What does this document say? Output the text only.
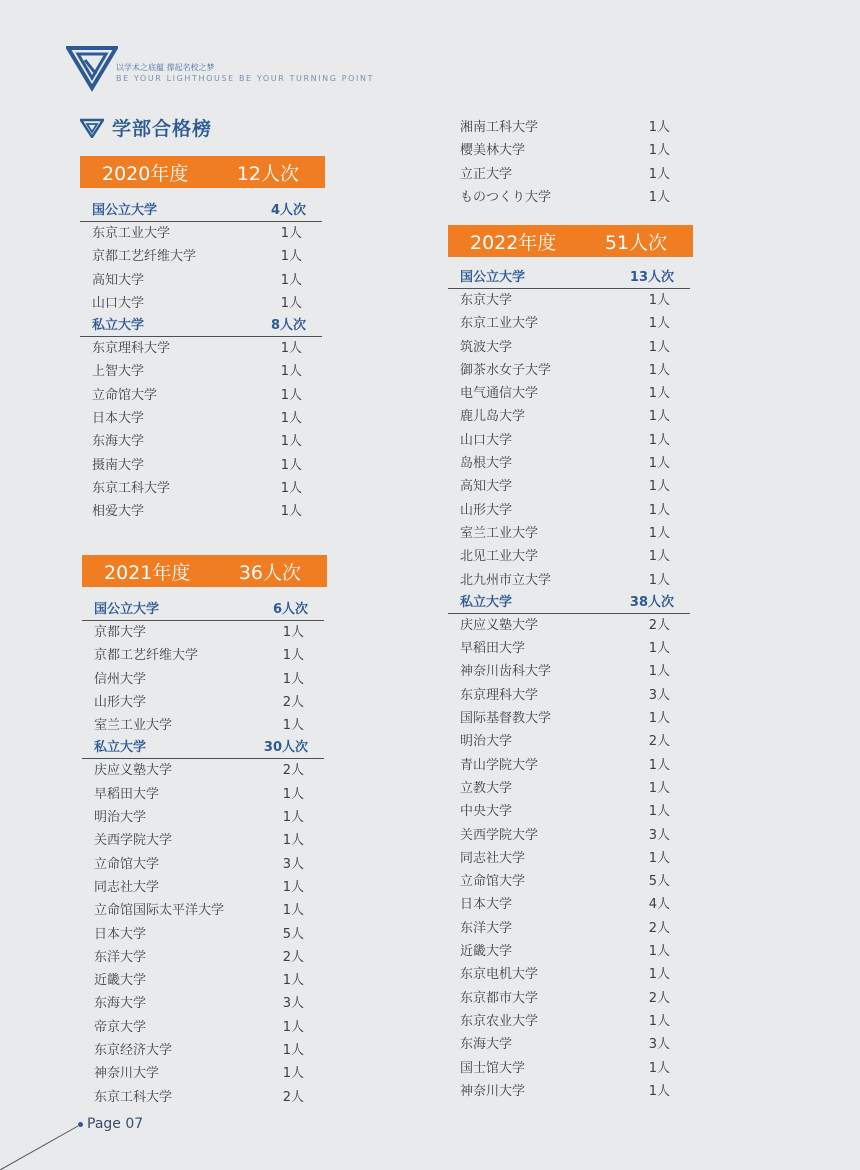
以学术之底蕴 撑起名校之梦
BE YOUR LIGHTHOUSE BE YOUR TURNING POINT
学部合格榜
2020年度	12人次
国公立大学	4人次
东京工业大学	1人
京都工艺纤维大学	1人
高知大学	1人
山口大学	1人
私立大学	8人次
东京理科大学	1人
上智大学	1人
立命馆大学	1人
日本大学	1人
东海大学	1人
摄南大学	1人
东京工科大学	1人
相爱大学	1人
2021年度	36人次
国公立大学	6人次
京都大学	1人
京都工艺纤维大学	1人
信州大学	1人
山形大学	2人
室兰工业大学	1人
私立大学	30人次
庆应义塾大学	2人
早稻田大学	1人
明治大学	1人
关西学院大学	1人
立命馆大学	3人
同志社大学	1人
立命馆国际太平洋大学	1人
日本大学	5人
东洋大学	2人
近畿大学	1人
东海大学	3人
帝京大学	1人
东京经济大学	1人
神奈川大学	1人
东京工科大学	2人
湘南工科大学	1人
樱美林大学	1人
立正大学	1人
ものつくり大学	1人
2022年度	51人次
国公立大学	13人次
东京大学	1人
东京工业大学	1人
筑波大学	1人
御茶水女子大学	1人
电气通信大学	1人
鹿儿岛大学	1人
山口大学	1人
岛根大学	1人
高知大学	1人
山形大学	1人
室兰工业大学	1人
北见工业大学	1人
北九州市立大学	1人
私立大学	38人次
庆应义塾大学	2人
早稻田大学	1人
神奈川齿科大学	1人
东京理科大学	3人
国际基督教大学	1人
明治大学	2人
青山学院大学	1人
立教大学	1人
中央大学	1人
关西学院大学	3人
同志社大学	1人
立命馆大学	5人
日本大学	4人
东洋大学	2人
近畿大学	1人
东京电机大学	1人
东京都市大学	2人
东京农业大学	1人
东海大学	3人
国士馆大学	1人
神奈川大学	1人
Page 07
